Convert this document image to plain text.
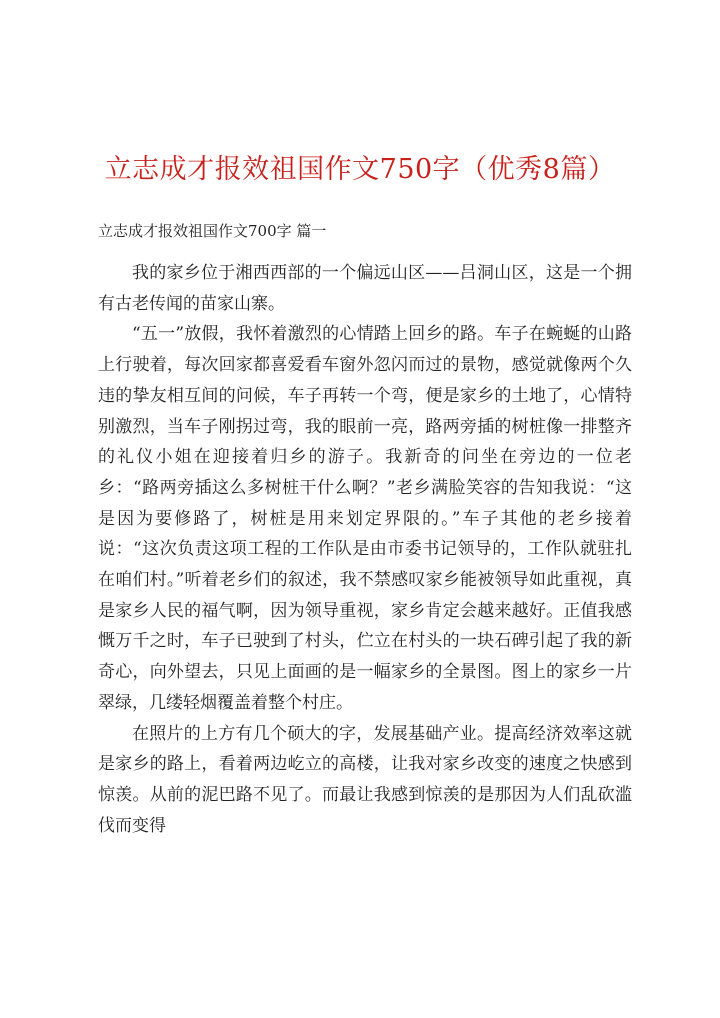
立志成才报效祖国作文750字（优秀8篇）
立志成才报效祖国作文700字 篇一

我的家乡位于湘西西部的一个偏远山区——吕洞山区，这是一个拥有古老传闻的苗家山寨。

“五一”放假，我怀着激烈的心情踏上回乡的路。车子在蜿蜒的山路上行驶着，每次回家都喜爱看车窗外忽闪而过的景物，感觉就像两个久违的挚友相互间的问候，车子再转一个弯，便是家乡的土地了，心情特别激烈，当车子刚拐过弯，我的眼前一亮，路两旁插的树桩像一排整齐的礼仪小姐在迎接着归乡的游子。我新奇的问坐在旁边的一位老乡：“路两旁插这么多树桩干什么啊？”老乡满脸笑容的告知我说：“这是因为要修路了，树桩是用来划定界限的。”车子其他的老乡接着说：“这次负责这项工程的工作队是由市委书记领导的，工作队就驻扎在咱们村。”听着老乡们的叙述，我不禁感叹家乡能被领导如此重视，真是家乡人民的福气啊，因为领导重视，家乡肯定会越来越好。正值我感慨万千之时，车子已驶到了村头，伫立在村头的一块石碑引起了我的新奇心，向外望去，只见上面画的是一幅家乡的全景图。图上的家乡一片翠绿，几缕轻烟覆盖着整个村庄。

在照片的上方有几个硕大的字，发展基础产业。提高经济效率这就是家乡的路上，看着两边屹立的高楼，让我对家乡改变的速度之快感到惊羡。从前的泥巴路不见了。而最让我感到惊羡的是那因为人们乱砍滥伐而变得
